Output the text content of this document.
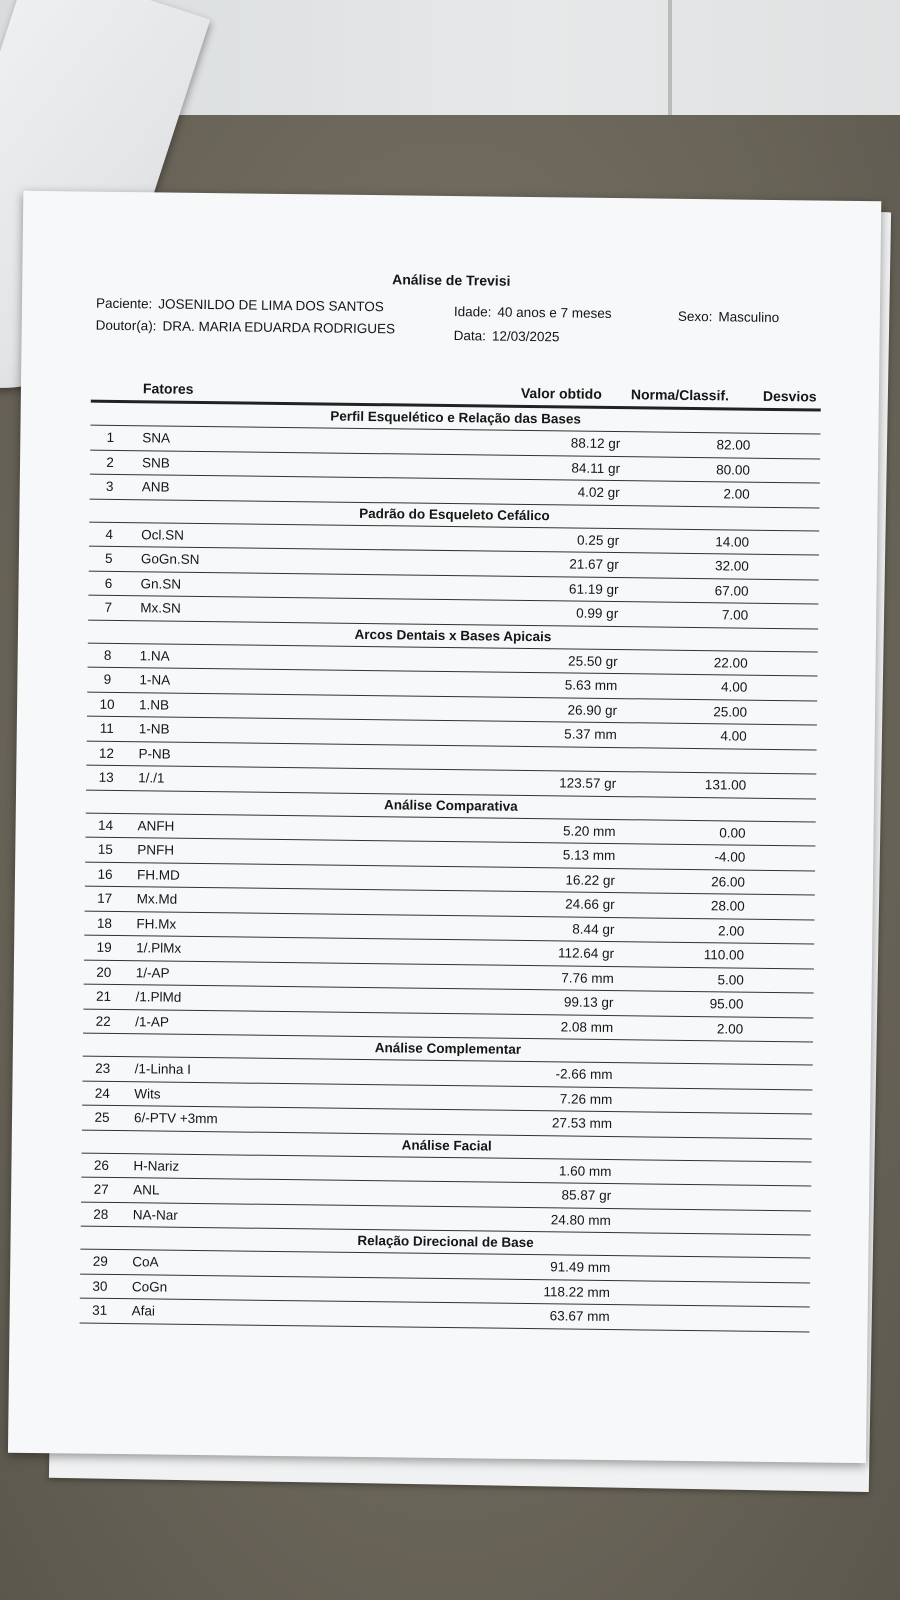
Análise de Trevisi
Paciente: JOSENILDO DE LIMA DOS SANTOS
Doutor(a): DRA. MARIA EDUARDA RODRIGUES
Idade: 40 anos e 7 meses
Data: 12/03/2025
Sexo: Masculino
Fatores	Valor obtido Norma/Classif. Desvios
Perfil Esquelético e Relação das Bases
1	SNA	88.12 gr	82.00
2	SNB	84.11 gr	80.00
3	ANB	4.02 gr	2.00
Padrão do Esqueleto Cefálico
4	Ocl.SN	0.25 gr	14.00
5	GoGn.SN	21.67 gr	32.00
6	Gn.SN	61.19 gr	67.00
7	Mx.SN	0.99 gr	7.00
Arcos Dentais x Bases Apicais
8	1.NA	25.50 gr	22.00
9	1-NA	5.63 mm	4.00
10	1.NB	26.90 gr	25.00
11	1-NB	5.37 mm	4.00
12	P-NB
13	1/./1	123.57 gr	131.00
Análise Comparativa
14	ANFH	5.20 mm	0.00
15	PNFH	5.13 mm	-4.00
16	FH.MD	16.22 gr	26.00
17	Mx.Md	24.66 gr	28.00
18	FH.Mx	8.44 gr	2.00
19	1/.PlMx	112.64 gr	110.00
20	1/-AP	7.76 mm	5.00
21	/1.PlMd	99.13 gr	95.00
22	/1-AP	2.08 mm	2.00
Análise Complementar
23	/1-Linha I	-2.66 mm
24	Wits	7.26 mm
25	6/-PTV +3mm	27.53 mm
Análise Facial
26	H-Nariz	1.60 mm
27	ANL	85.87 gr
28	NA-Nar	24.80 mm
Relação Direcional de Base
29	CoA	91.49 mm
30	CoGn	118.22 mm
31	Afai	63.67 mm
